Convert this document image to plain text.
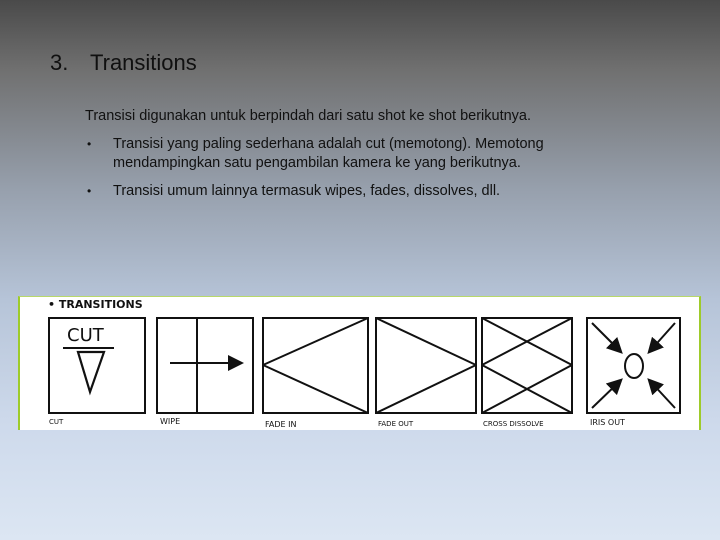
3. Transitions

Transisi digunakan untuk berpindah dari satu shot ke shot berikutnya.

• Transisi yang paling sederhana adalah cut (memotong). Memotong mendampingkan satu pengambilan kamera ke yang berikutnya.
• Transisi umum lainnya termasuk wipes, fades, dissolves, dll.
• TRANSITIONS
CUT
CUT	WIPE	FADE IN	FADE OUT	CROSS DISSOLVE	IRIS OUT
